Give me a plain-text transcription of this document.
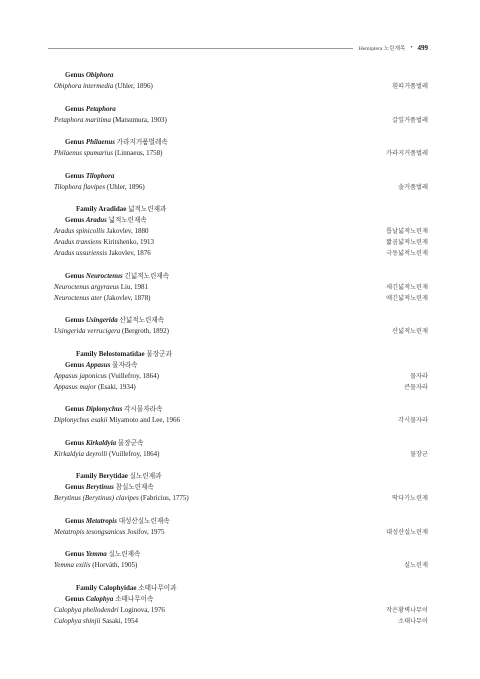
Hemiptera 노린재목 • 499
Genus Obiphora
Obiphora intermedia (Uhler, 1896)	흰띠거품벌레
Genus Petaphora
Petaphora maritima (Matsumura, 1903)	갈잎거품벌레
Genus Philaenus 가라지거품벌레속
Philaenus spumarius (Linnaeus, 1758)	가라지거품벌레
Genus Tilophora
Tilophora flavipes (Uhler, 1896)	솔거품벌레
Family Aradidae 넓적노린재과
Genus Aradus 넓적노린재속
Aradus spinicollis Jakovlev, 1880	톱날넓적노린재
Aradus transiens Kiritshenko, 1913	짧곰넓적노린재
Aradus ussuriensis Jakovlev, 1876	극동넓적노린재
Genus Neuroctenus 긴넓적노린재속
Neuroctenus argyraeus Liu, 1981	새긴넓적노린재
Neuroctenus ater (Jakovlev, 1878)	애긴넓적노린재
Genus Usingerida 산넓적노린재속
Usingerida verrucigera (Bergroth, 1892)	산넓적노린재
Family Belostomatidae 물장군과
Genus Appasus 물자라속
Appasus japonicus (Vuillefroy, 1864)	물자라
Appasus major (Esaki, 1934)	큰물자라
Genus Diplonychus 각시물자라속
Diplonychus esakii Miyamoto and Lee, 1966	각시물자라
Genus Kirkaldyia 물장군속
Kirkaldyia deyrolli (Vuillefroy, 1864)	물장군
Family Berytidae 실노린재과
Genus Berytinus 참실노린재속
Berytinus (Berytinus) clavipes (Fabricius, 1775)	딱다기노린재
Genus Metatropis 대성산실노린재속
Metatropis tesongsanicus Josifov, 1975	대성산실노린재
Genus Yemma 실노린재속
Yemma exilis (Horváth, 1905)	실노린재
Family Calophyidae 소태나무이과
Genus Calophya 소태나무이속
Calophya phellodendri Loginova, 1976	작은황벽나무이
Calophya shinjii Sasaki, 1954	소태나무이
